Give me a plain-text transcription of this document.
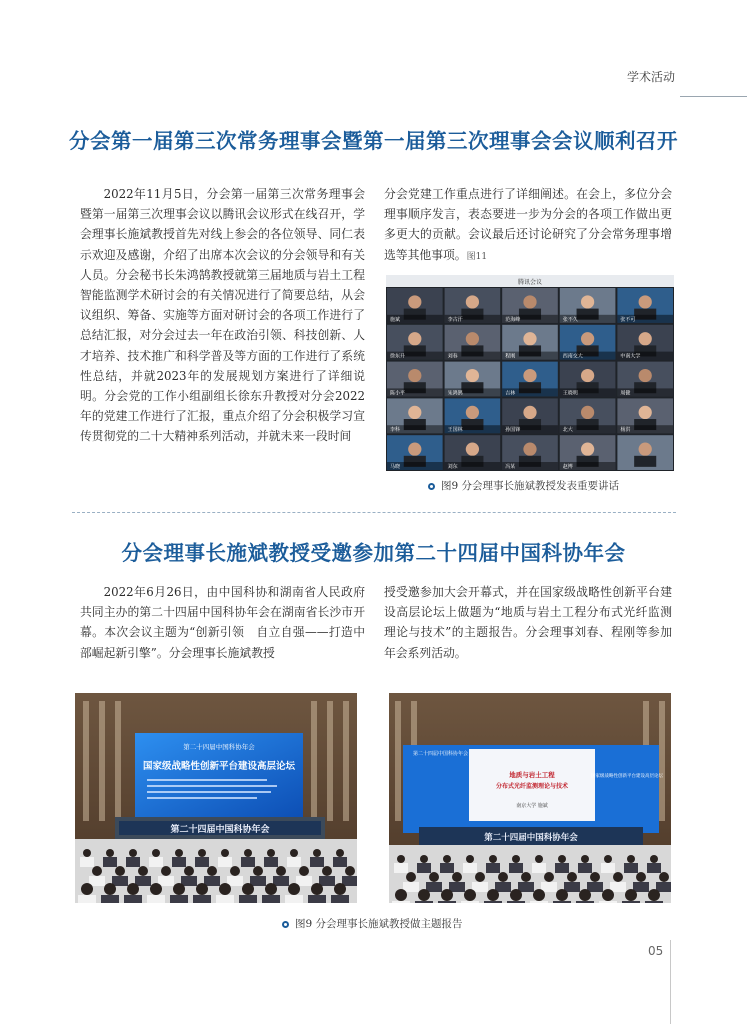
学术活动
分会第一届第三次常务理事会暨第一届第三次理事会会议顺利召开

2022年11月5日，分会第一届第三次常务理事会暨第一届第三次理事会议以腾讯会议形式在线召开，学会理事长施斌教授首先对线上参会的各位领导、同仁表示欢迎及感谢，介绍了出席本次会议的分会领导和有关人员。分会秘书长朱鸿鹄教授就第三届地质与岩土工程智能监测学术研讨会的有关情况进行了简要总结，从会议组织、筹备、实施等方面对研讨会的各项工作进行了总结汇报，对分会过去一年在政治引领、科技创新、人才培养、技术推广和科学普及等方面的工作进行了系统性总结，并就2023年的发展规划方案进行了详细说明。分会党的工作小组副组长徐东升教授对分会2022年的党建工作进行了汇报，重点介绍了分会积极学习宣传贯彻党的二十大精神系列活动，并就未来一段时间

分会党建工作重点进行了详细阐述。在会上，多位分会理事顺序发言，表态要进一步为分会的各项工作做出更多更大的贡献。会议最后还讨论研究了分会常务理事增选等其他事项。图11

腾讯会议
施斌	李古汗	范海峰	张不久	张不可
徐东升	刘春	程刚	西南交大	中南大学
陈小平	朱鸿鹄	吉林	王晓明	周健
李科	王国林	孙国锋	北大	杨洪
马晓	刘东	冯某	赵博
图9 分会理事长施斌教授发表重要讲话
分会理事长施斌教授受邀参加第二十四届中国科协年会

2022年6月26日，由中国科协和湖南省人民政府共同主办的第二十四届中国科协年会在湖南省长沙市开幕。本次会议主题为“创新引领　自立自强——打造中部崛起新引擎”。分会理事长施斌教授

授受邀参加大会开幕式，并在国家级战略性创新平台建设高层论坛上做题为“地质与岩土工程分布式光纤监测理论与技术”的主题报告。分会理事刘春、程刚等参加年会系列活动。

第二十四届中国科协年会
国家级战略性创新平台建设高层论坛
第二十四届中国科协年会
第二十四届中国科协年会
地质与岩土工程
分布式光纤监测理论与技术
南京大学 施斌
国家级战略性创新平台建设高层论坛
第二十四届中国科协年会
图9 分会理事长施斌教授做主题报告
05
